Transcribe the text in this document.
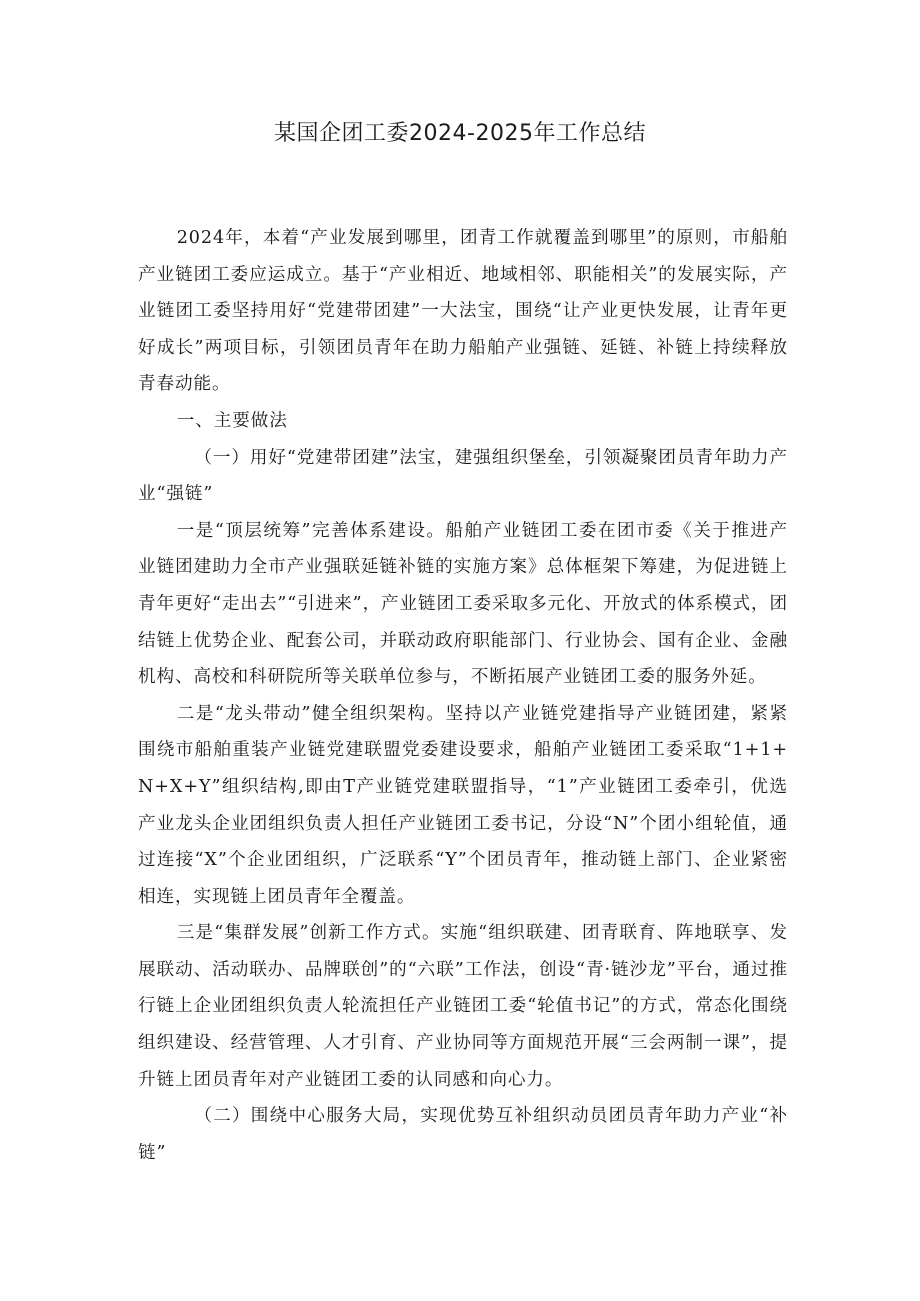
某国企团工委2024-2025年工作总结

2024年，本着“产业发展到哪里，团青工作就覆盖到哪里”的原则，市船舶产业链团工委应运成立。基于“产业相近、地域相邻、职能相关”的发展实际，产业链团工委坚持用好“党建带团建”一大法宝，围绕“让产业更快发展，让青年更好成长”两项目标，引领团员青年在助力船舶产业强链、延链、补链上持续释放青春动能。

一、主要做法

（一）用好“党建带团建”法宝，建强组织堡垒，引领凝聚团员青年助力产业“强链”

一是“顶层统筹”完善体系建设。船舶产业链团工委在团市委《关于推进产业链团建助力全市产业强联延链补链的实施方案》总体框架下筹建，为促进链上青年更好“走出去”“引进来”，产业链团工委采取多元化、开放式的体系模式，团结链上优势企业、配套公司，并联动政府职能部门、行业协会、国有企业、金融机构、高校和科研院所等关联单位参与，不断拓展产业链团工委的服务外延。

二是“龙头带动”健全组织架构。坚持以产业链党建指导产业链团建，紧紧围绕市船舶重装产业链党建联盟党委建设要求，船舶产业链团工委采取“1+1+N+X+Y”组织结构,即由T产业链党建联盟指导，“1”产业链团工委牵引，优选产业龙头企业团组织负责人担任产业链团工委书记，分设“N”个团小组轮值，通过连接“X”个企业团组织，广泛联系“Y”个团员青年，推动链上部门、企业紧密相连，实现链上团员青年全覆盖。

三是“集群发展”创新工作方式。实施“组织联建、团青联育、阵地联享、发展联动、活动联办、品牌联创”的“六联”工作法，创设“青·链沙龙”平台，通过推行链上企业团组织负责人轮流担任产业链团工委“轮值书记”的方式，常态化围绕组织建设、经营管理、人才引育、产业协同等方面规范开展“三会两制一课”，提升链上团员青年对产业链团工委的认同感和向心力。

（二）围绕中心服务大局，实现优势互补组织动员团员青年助力产业“补链”
